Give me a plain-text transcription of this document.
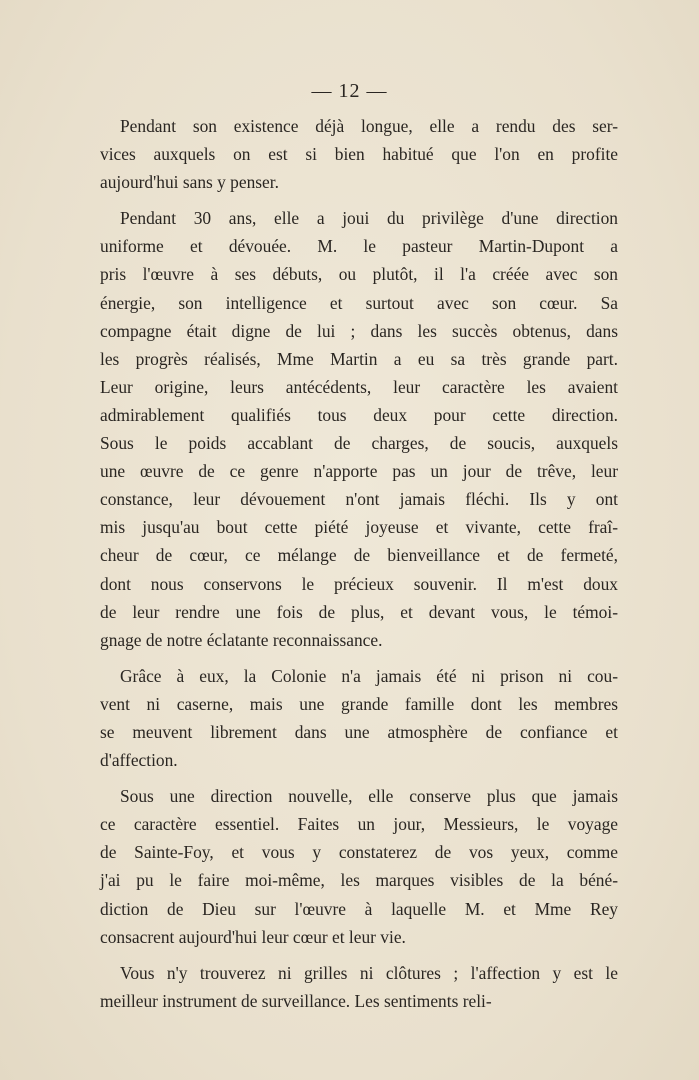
— 12 —
Pendant son existence déjà longue, elle a rendu des ser-
vices auxquels on est si bien habitué que l'on en profite
aujourd'hui sans y penser.
Pendant 30 ans, elle a joui du privilège d'une direction
uniforme et dévouée. M. le pasteur Martin-Dupont a
pris l'œuvre à ses débuts, ou plutôt, il l'a créée avec son
énergie, son intelligence et surtout avec son cœur. Sa
compagne était digne de lui ; dans les succès obtenus, dans
les progrès réalisés, Mme Martin a eu sa très grande part.
Leur origine, leurs antécédents, leur caractère les avaient
admirablement qualifiés tous deux pour cette direction.
Sous le poids accablant de charges, de soucis, auxquels
une œuvre de ce genre n'apporte pas un jour de trêve, leur
constance, leur dévouement n'ont jamais fléchi. Ils y ont
mis jusqu'au bout cette piété joyeuse et vivante, cette fraî-
cheur de cœur, ce mélange de bienveillance et de fermeté,
dont nous conservons le précieux souvenir. Il m'est doux
de leur rendre une fois de plus, et devant vous, le témoi-
gnage de notre éclatante reconnaissance.
Grâce à eux, la Colonie n'a jamais été ni prison ni cou-
vent ni caserne, mais une grande famille dont les membres
se meuvent librement dans une atmosphère de confiance et
d'affection.
Sous une direction nouvelle, elle conserve plus que jamais
ce caractère essentiel. Faites un jour, Messieurs, le voyage
de Sainte-Foy, et vous y constaterez de vos yeux, comme
j'ai pu le faire moi-même, les marques visibles de la béné-
diction de Dieu sur l'œuvre à laquelle M. et Mme Rey
consacrent aujourd'hui leur cœur et leur vie.
Vous n'y trouverez ni grilles ni clôtures ; l'affection y est le
meilleur instrument de surveillance. Les sentiments reli-
